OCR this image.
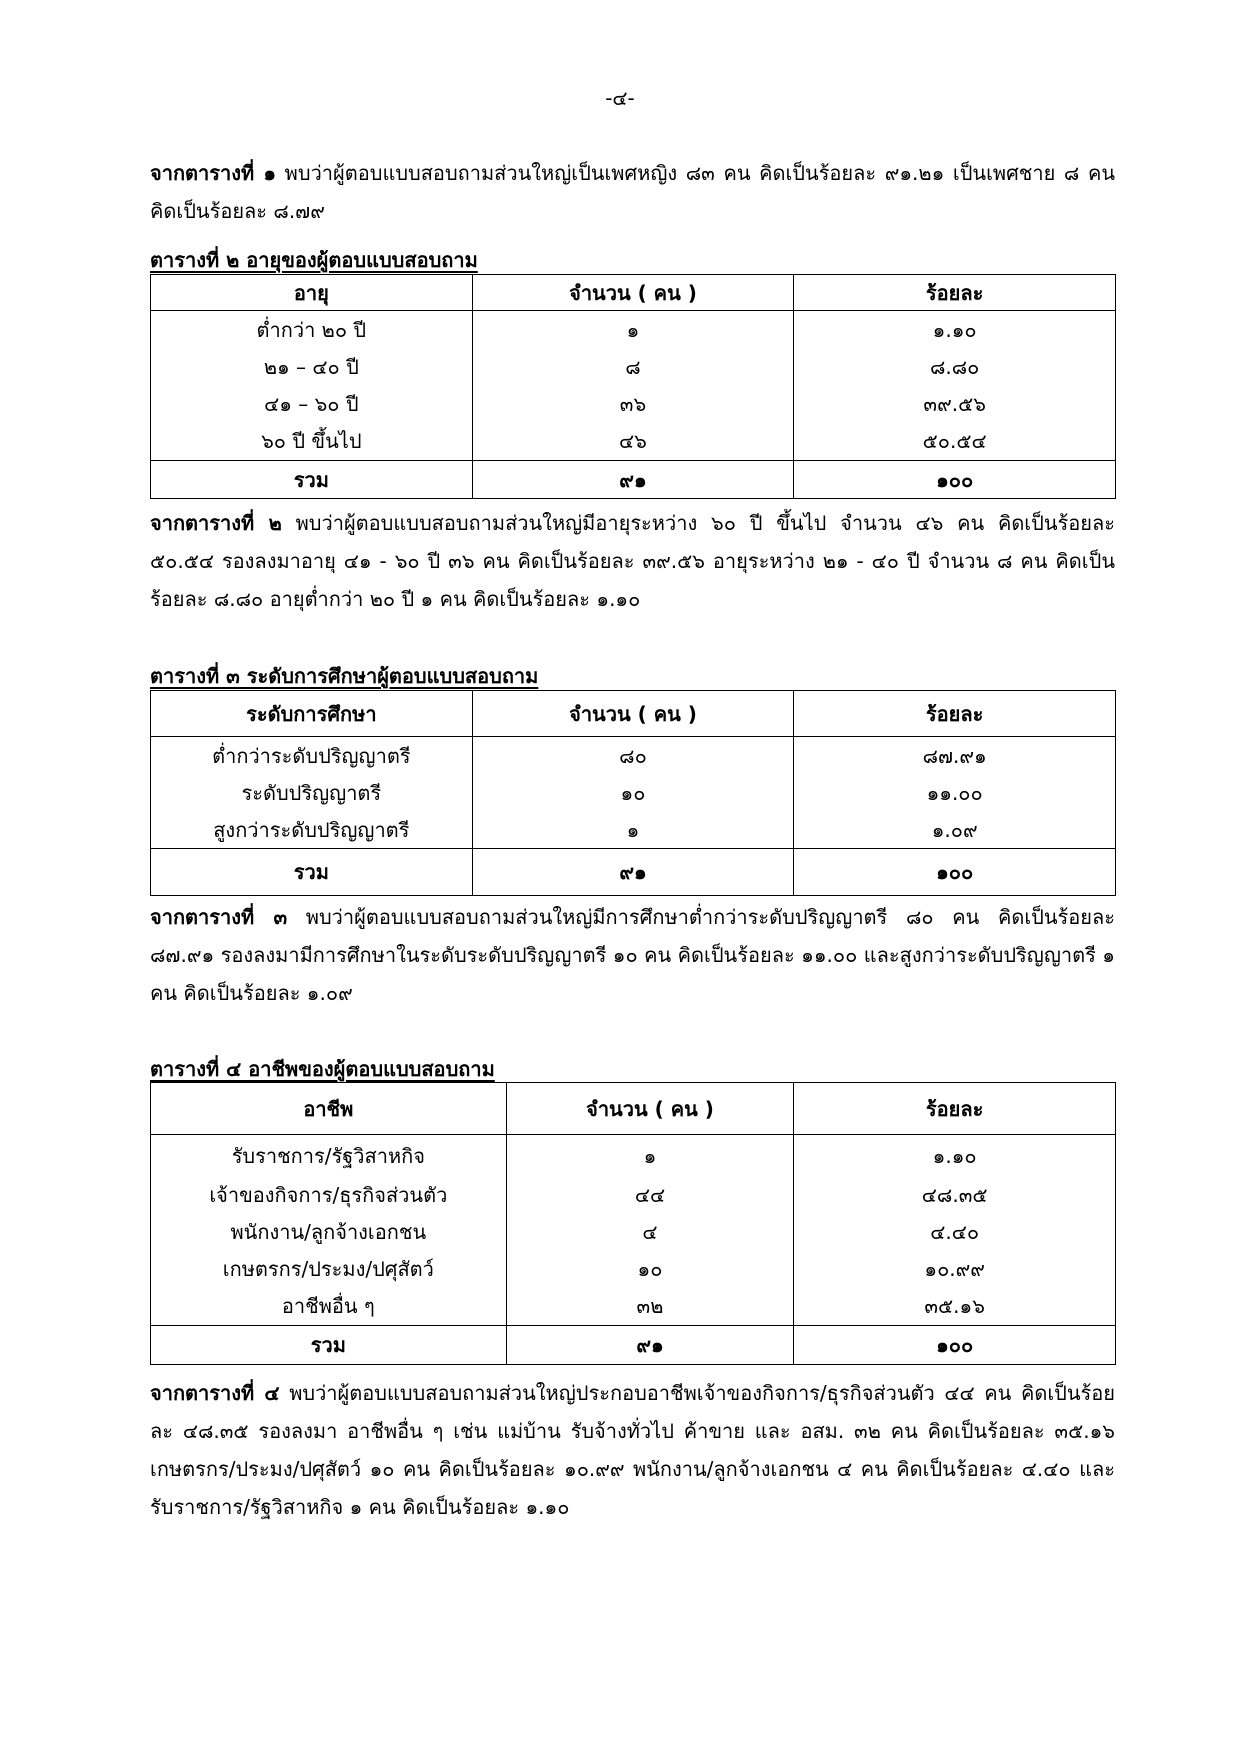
-๔-
จากตารางที่ ๑ พบว่าผู้ตอบแบบสอบถามส่วนใหญ่เป็นเพศหญิง ๘๓ คน คิดเป็นร้อยละ ๙๑.๒๑ เป็นเพศชาย ๘ คน คิดเป็นร้อยละ ๘.๗๙
ตารางที่ ๒ อายุของผู้ตอบแบบสอบถาม
อายุ	จำนวน ( คน )	ร้อยละ
ต่ำกว่า ๒๐ ปี	๑	๑.๑๐
๒๑ – ๔๐ ปี	๘	๘.๘๐
๔๑ – ๖๐ ปี	๓๖	๓๙.๕๖
๖๐ ปี ขึ้นไป	๔๖	๕๐.๕๔
รวม	๙๑	๑๐๐
จากตารางที่ ๒ พบว่าผู้ตอบแบบสอบถามส่วนใหญ่มีอายุระหว่าง ๖๐ ปี ขึ้นไป จำนวน ๔๖ คน คิดเป็นร้อยละ ๕๐.๕๔ รองลงมาอายุ ๔๑ - ๖๐ ปี ๓๖ คน คิดเป็นร้อยละ ๓๙.๕๖ อายุระหว่าง ๒๑ - ๔๐ ปี จำนวน ๘ คน คิดเป็นร้อยละ ๘.๘๐ อายุต่ำกว่า ๒๐ ปี ๑ คน คิดเป็นร้อยละ ๑.๑๐
ตารางที่ ๓ ระดับการศึกษาผู้ตอบแบบสอบถาม
ระดับการศึกษา	จำนวน ( คน )	ร้อยละ
ต่ำกว่าระดับปริญญาตรี	๘๐	๘๗.๙๑
ระดับปริญญาตรี	๑๐	๑๑.๐๐
สูงกว่าระดับปริญญาตรี	๑	๑.๐๙
รวม	๙๑	๑๐๐
จากตารางที่ ๓ พบว่าผู้ตอบแบบสอบถามส่วนใหญ่มีการศึกษาต่ำกว่าระดับปริญญาตรี ๘๐ คน คิดเป็นร้อยละ ๘๗.๙๑ รองลงมามีการศึกษาในระดับระดับปริญญาตรี ๑๐ คน คิดเป็นร้อยละ ๑๑.๐๐ และสูงกว่าระดับปริญญาตรี ๑ คน คิดเป็นร้อยละ ๑.๐๙
ตารางที่ ๔ อาชีพของผู้ตอบแบบสอบถาม
อาชีพ	จำนวน ( คน )	ร้อยละ
รับราชการ/รัฐวิสาหกิจ	๑	๑.๑๐
เจ้าของกิจการ/ธุรกิจส่วนตัว	๔๔	๔๘.๓๕
พนักงาน/ลูกจ้างเอกชน	๔	๔.๔๐
เกษตรกร/ประมง/ปศุสัตว์	๑๐	๑๐.๙๙
อาชีพอื่น ๆ	๓๒	๓๕.๑๖
รวม	๙๑	๑๐๐
จากตารางที่ ๔ พบว่าผู้ตอบแบบสอบถามส่วนใหญ่ประกอบอาชีพเจ้าของกิจการ/ธุรกิจส่วนตัว ๔๔ คน คิดเป็นร้อยละ ๔๘.๓๕ รองลงมา อาชีพอื่น ๆ เช่น แม่บ้าน รับจ้างทั่วไป ค้าขาย และ อสม. ๓๒ คน คิดเป็นร้อยละ ๓๕.๑๖ เกษตรกร/ประมง/ปศุสัตว์ ๑๐ คน คิดเป็นร้อยละ ๑๐.๙๙ พนักงาน/ลูกจ้างเอกชน ๔ คน คิดเป็นร้อยละ ๔.๔๐ และรับราชการ/รัฐวิสาหกิจ ๑ คน คิดเป็นร้อยละ ๑.๑๐
